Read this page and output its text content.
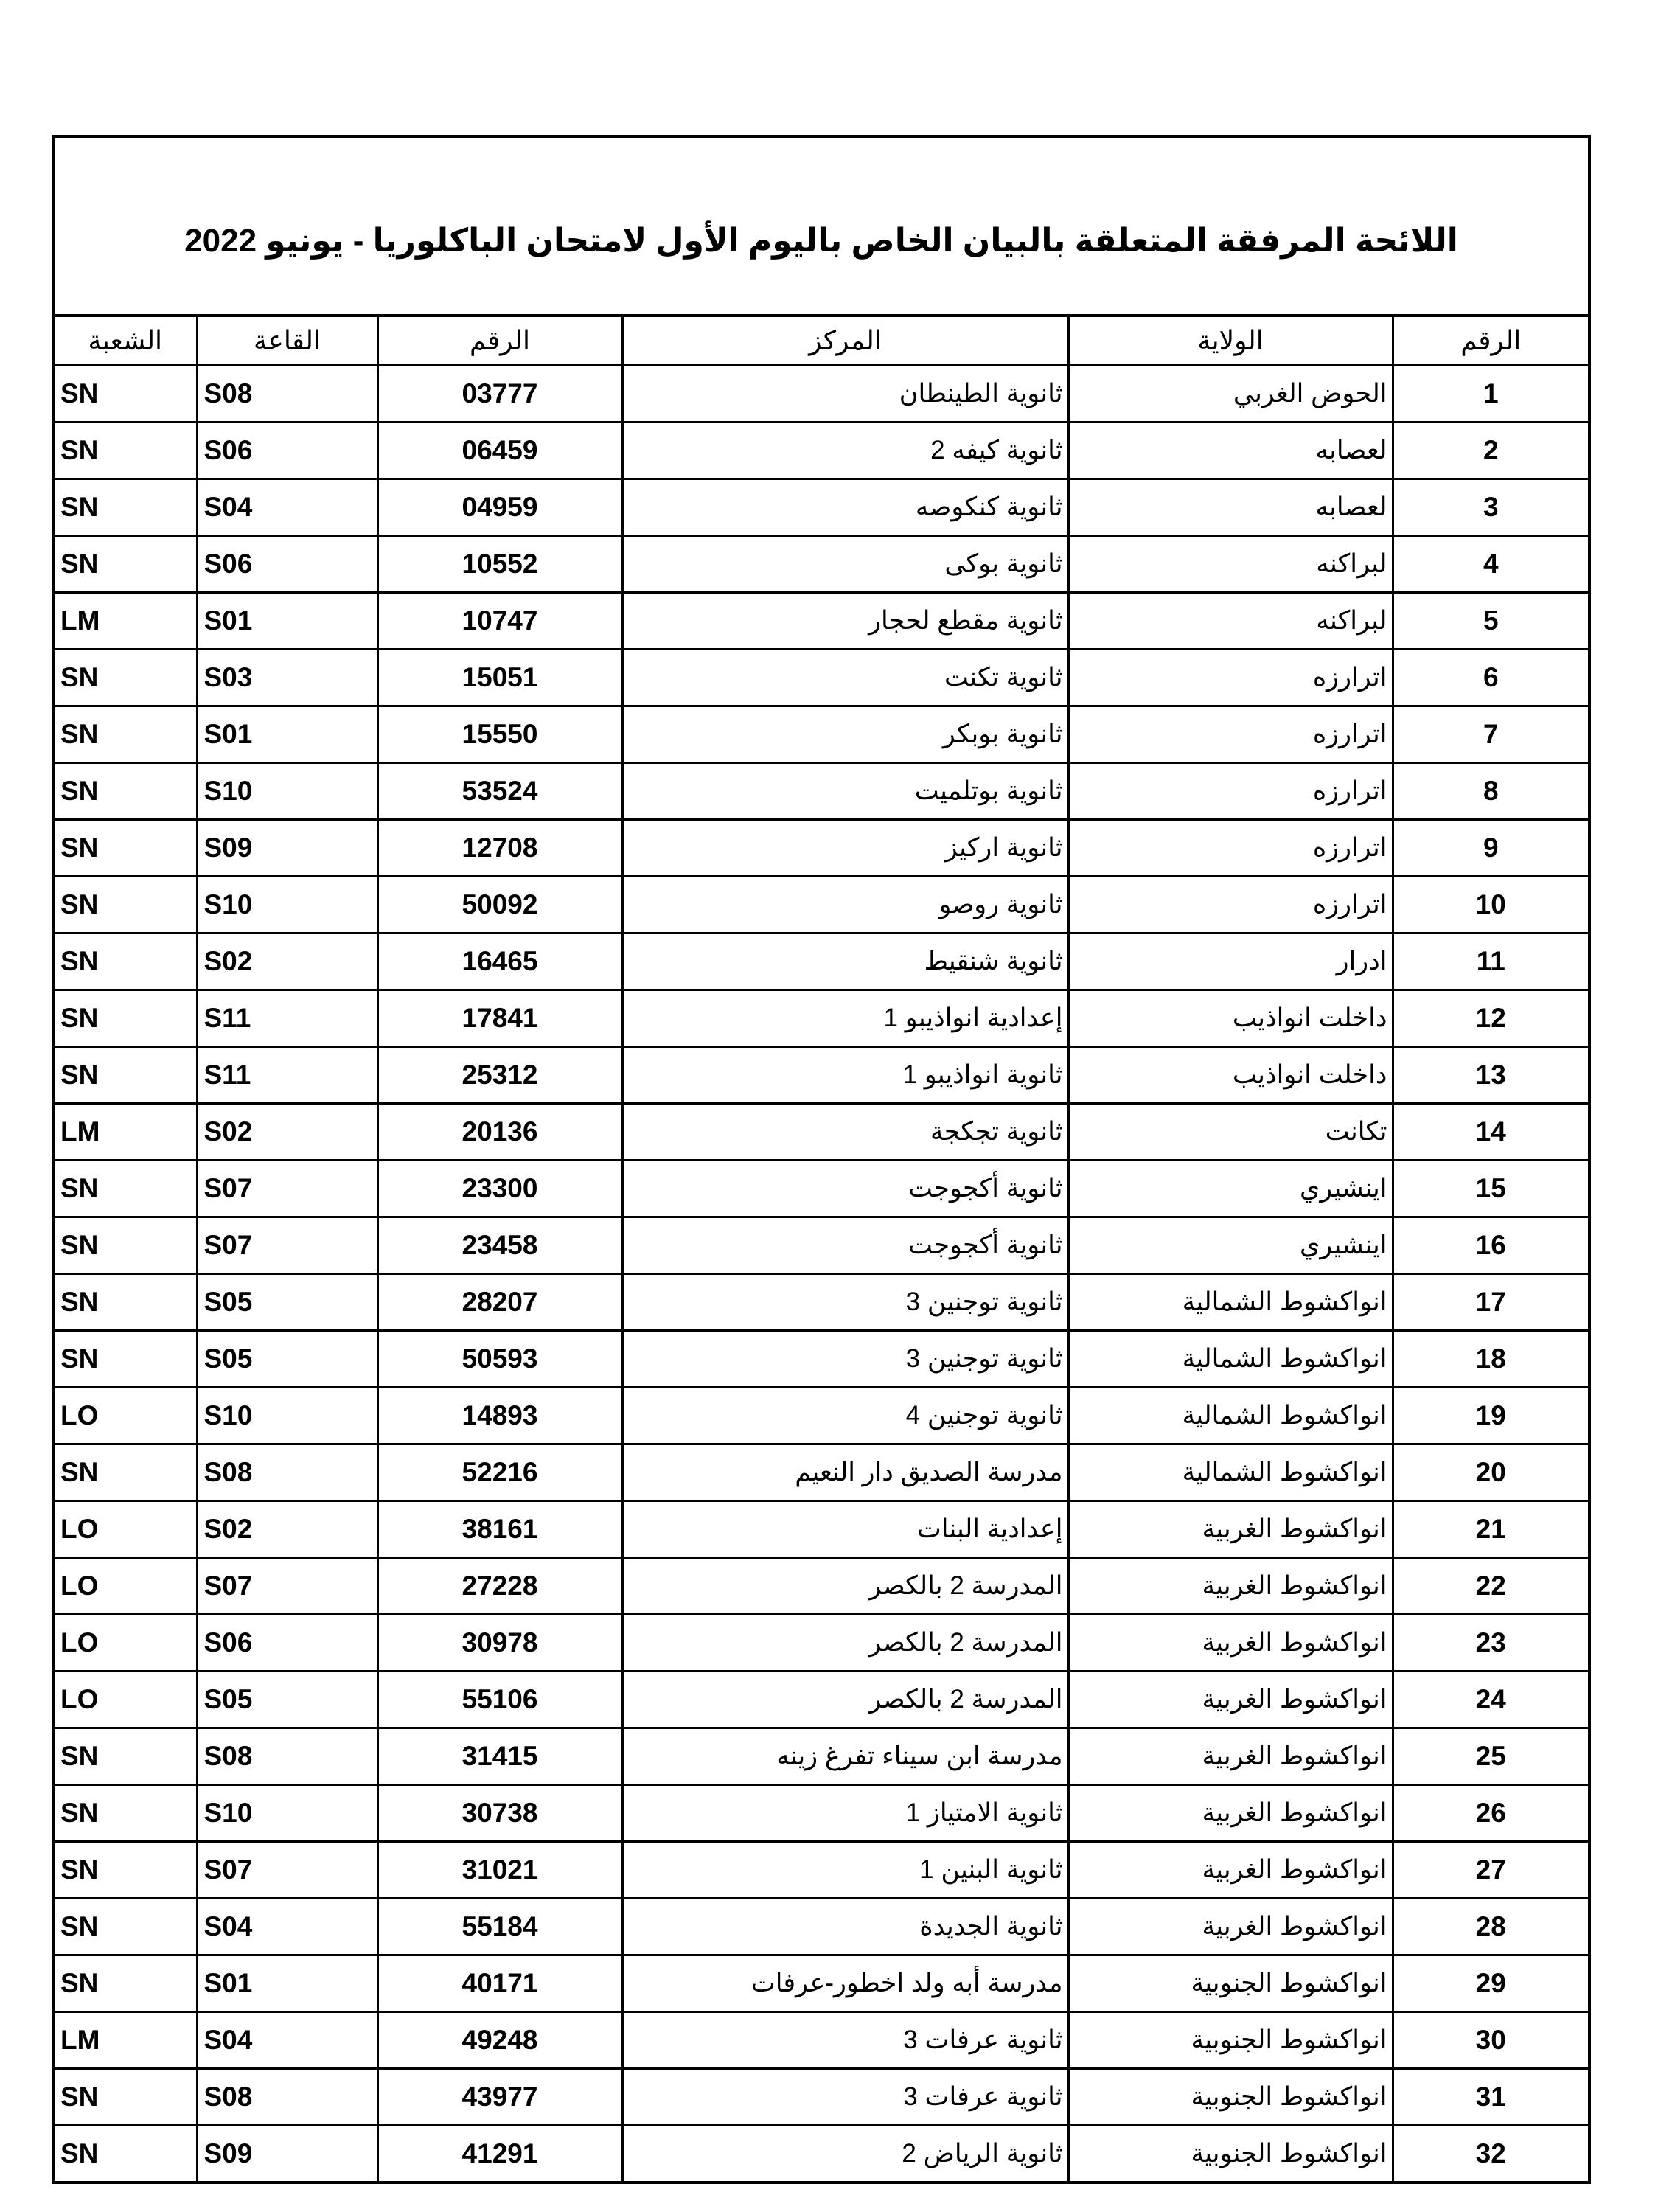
اللائحة المرفقة المتعلقة بالبيان الخاص باليوم الأول لامتحان الباكلوريا - يونيو 2022
الشعبة	القاعة	الرقم	المركز	الولاية	الرقم
SN	S08	03777	ثانوية الطينطان	الحوض الغربي	1
SN	S06	06459	ثانوية كيفه 2	لعصابه	2
SN	S04	04959	ثانوية كنكوصه	لعصابه	3
SN	S06	10552	ثانوية بوكى	لبراكنه	4
LM	S01	10747	ثانوية مقطع لحجار	لبراكنه	5
SN	S03	15051	ثانوية تكنت	اترارزه	6
SN	S01	15550	ثانوية بوبكر	اترارزه	7
SN	S10	53524	ثانوية بوتلميت	اترارزه	8
SN	S09	12708	ثانوية اركيز	اترارزه	9
SN	S10	50092	ثانوية روصو	اترارزه	10
SN	S02	16465	ثانوية شنقيط	ادرار	11
SN	S11	17841	إعدادية انواذيبو 1	داخلت انواذيب	12
SN	S11	25312	ثانوية انواذيبو 1	داخلت انواذيب	13
LM	S02	20136	ثانوية تجكجة	تكانت	14
SN	S07	23300	ثانوية أكجوجت	اينشيري	15
SN	S07	23458	ثانوية أكجوجت	اينشيري	16
SN	S05	28207	ثانوية توجنين 3	انواكشوط الشمالية	17
SN	S05	50593	ثانوية توجنين 3	انواكشوط الشمالية	18
LO	S10	14893	ثانوية توجنين 4	انواكشوط الشمالية	19
SN	S08	52216	مدرسة الصديق دار النعيم	انواكشوط الشمالية	20
LO	S02	38161	إعدادية البنات	انواكشوط الغربية	21
LO	S07	27228	المدرسة 2 بالكصر	انواكشوط الغربية	22
LO	S06	30978	المدرسة 2 بالكصر	انواكشوط الغربية	23
LO	S05	55106	المدرسة 2 بالكصر	انواكشوط الغربية	24
SN	S08	31415	مدرسة ابن سيناء تفرغ زينه	انواكشوط الغربية	25
SN	S10	30738	ثانوية الامتياز 1	انواكشوط الغربية	26
SN	S07	31021	ثانوية البنين 1	انواكشوط الغربية	27
SN	S04	55184	ثانوية الجديدة	انواكشوط الغربية	28
SN	S01	40171	مدرسة أبه ولد اخطور-عرفات	انواكشوط الجنوبية	29
LM	S04	49248	ثانوية عرفات 3	انواكشوط الجنوبية	30
SN	S08	43977	ثانوية عرفات 3	انواكشوط الجنوبية	31
SN	S09	41291	ثانوية الرياض 2	انواكشوط الجنوبية	32
